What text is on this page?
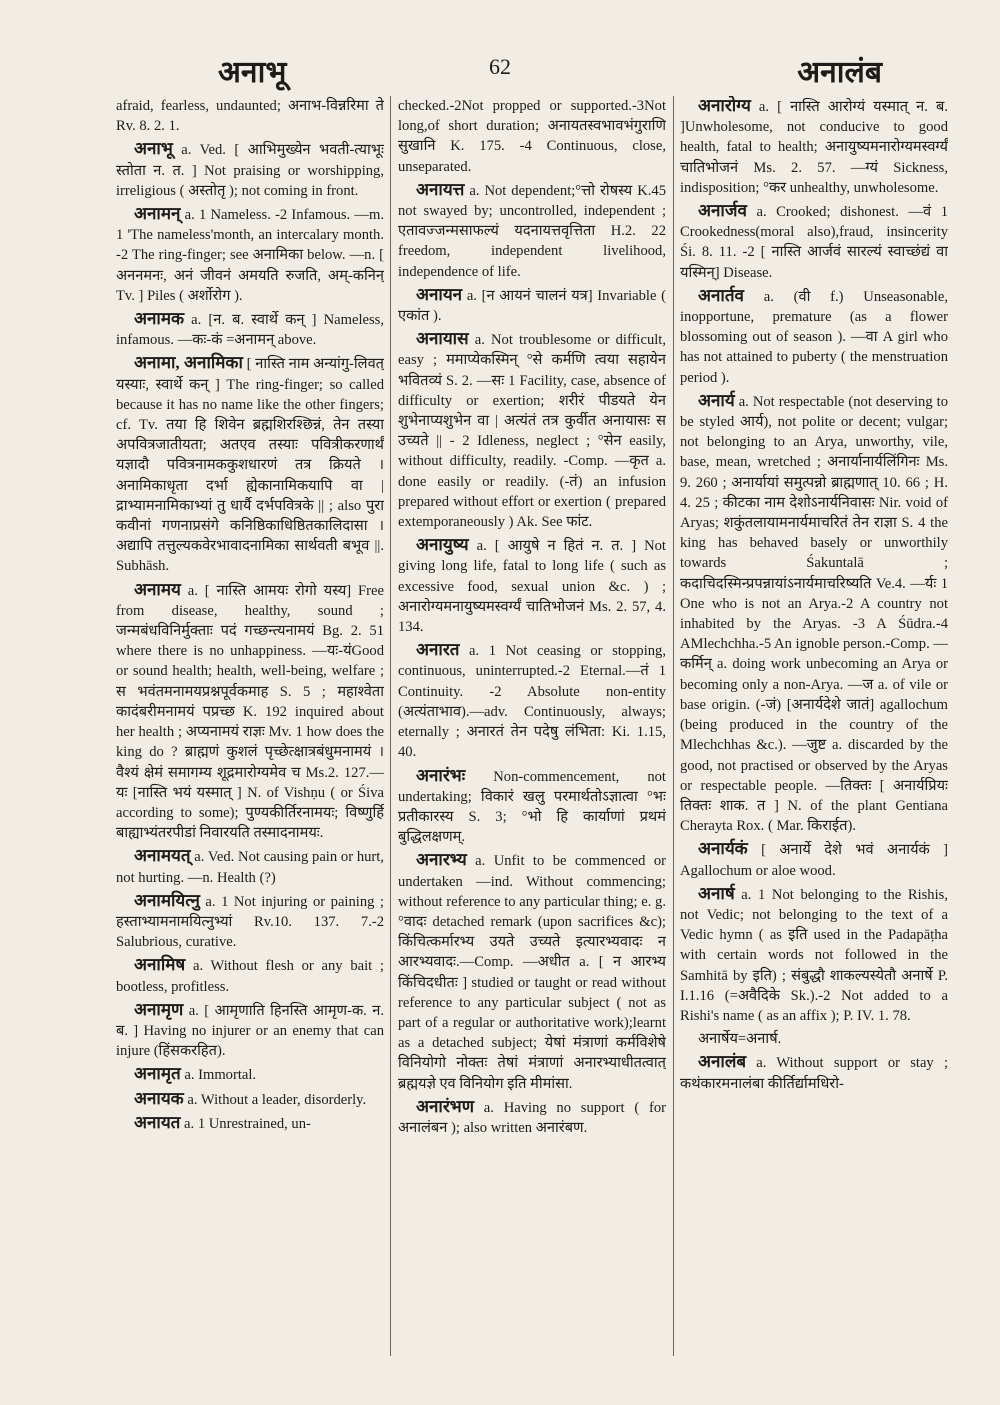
अनाभू	62	अनालंब
afraid, fearless, undaunted; अनाभ-विन्नरिमा ते Rv. 8. 2. 1.
अनाभू a. Ved. [ आभिमुख्येन भवती-त्याभूः स्तोता न. त. ] Not praising or worshipping, irreligious ( अस्तोतृ ); not coming in front.
अनामन् a. 1 Nameless. -2 Infamous. —m. 1 'The nameless'month, an intercalary month. -2 The ring-finger; see अनामिका below. —n. [ अननमनः, अनं जीवनं अमयति रुजति, अम्-कनिन् Tv. ] Piles ( अर्शोरोग ).
अनामक a. [न. ब. स्वार्थे कन् ] Nameless, infamous. —कः-कं =अनामन् above.
अनामा, अनामिका [ नास्ति नाम अन्यांगु-लिवत् यस्याः, स्वार्थे कन् ] The ring-finger; so called because it has no name like the other fingers; cf. Tv. तया हि शिवेन ब्रह्मशिरश्छिन्नं, तेन तस्या अपवित्रजातीयता; अतएव तस्याः पवित्रीकरणार्थं यज्ञादौ पवित्रनामककुशधारणं तत्र क्रियते । अनामिकाधृता दर्भा ह्येकानामिकयापि वा | द्राभ्यामनामिकाभ्यां तु धार्यै दर्भपवित्रके || ; also पुरा कवीनां गणनाप्रसंगे कनिष्ठिकाधिष्ठितकालिदासा । अद्यापि तत्तुल्यकवेरभावादनामिका सार्थवती बभूव ||. Subhāsh.
अनामय a. [ नास्ति आमयः रोगो यस्य] Free from disease, healthy, sound ; जन्मबंधविनिर्मुक्ताः पदं गच्छन्त्यनामयं Bg. 2. 51 where there is no unhappiness. —यः-यंGood or sound health; health, well-being, welfare ; स भवंतमनामयप्रश्नपूर्वकमाह S. 5 ; महाश्वेता कादंबरीमनामयं पप्रच्छ K. 192 inquired about her health ; अप्यनामयं राज्ञः Mv. 1 how does the king do ? ब्राह्मणं कुशलं पृच्छेत्क्षात्रबंधुमनामयं । वैश्यं क्षेमं समागम्य शूद्रमारोग्यमेव च Ms.2. 127.—यः [नास्ति भयं यस्मात् ] N. of Vishṇu ( or Śiva according to some); पुण्यकीर्तिरनामयः; विष्णुर्हि बाह्याभ्यंतरपीडां निवारयति तस्मादनामयः.
अनामयत् a. Ved. Not causing pain or hurt, not hurting. —n. Health (?)
अनामयित्नु a. 1 Not injuring or paining ; हस्ताभ्यामनामयित्नुभ्यां Rv.10. 137. 7.-2 Salubrious, curative.
अनामिष a. Without flesh or any bait ; bootless, profitless.
अनामृण a. [ आमृणाति हिनस्ति आमृण-क. न. ब. ] Having no injurer or an enemy that can injure (हिंसकरहित).
अनामृत a. Immortal.
अनायक a. Without a leader, disorderly.
अनायत a. 1 Unrestrained, un-
checked.-2Not propped or supported.-3Not long,of short duration; अनायतस्वभावभंगुराणि सुखानि K. 175. -4 Continuous, close, unseparated.
अनायत्त a. Not dependent;°त्तो रोषस्य K.45 not swayed by; uncontrolled, independent ; एतावज्जन्मसाफल्यं यदनायत्तवृत्तिता H.2. 22 freedom, independent livelihood, independence of life.
अनायन a. [न आयनं चालनं यत्र] Invariable ( एकांत ).
अनायास a. Not troublesome or difficult, easy ; ममाप्येकस्मिन् °से कर्मणि त्वया सहायेन भवितव्यं S. 2. —सः 1 Facility, case, absence of difficulty or exertion; शरीरं पीडयते येन शुभेनाप्यशुभेन वा | अत्यंतं तत्र कुर्वीत अनायासः स उच्यते || - 2 Idleness, neglect ; °सेन easily, without difficulty, readily. -Comp. —कृत a. done easily or readily. (-तं) an infusion prepared without effort or exertion ( prepared extemporaneously ) Ak. See फांट.
अनायुष्य a. [ आयुषे न हितं न. त. ] Not giving long life, fatal to long life ( such as excessive food, sexual union &c. ) ; अनारोग्यमनायुष्यमस्वर्ग्यं चातिभोजनं Ms. 2. 57, 4. 134.
अनारत a. 1 Not ceasing or stopping, continuous, uninterrupted.-2 Eternal.—तं 1 Continuity. -2 Absolute non-entity (अत्यंताभाव).—adv. Continuously, always; eternally ; अनारतं तेन पदेषु लंभिता: Ki. 1.15, 40.
अनारंभः Non-commencement, not undertaking; विकारं खलु परमार्थतोऽज्ञात्वा °भः प्रतीकारस्य S. 3; °भो हि कार्याणां प्रथमं बुद्धिलक्षणम्.
अनारभ्य a. Unfit to be commenced or undertaken —ind. Without commencing; without reference to any particular thing; e. g. °वादः detached remark (upon sacrifices &c); किंचित्कर्मारभ्य उयते उच्यते इत्यारभ्यवादः न आरभ्यवादः.—Comp. —अधीत a. [ न आरभ्य किंचिदधीतः ] studied or taught or read without reference to any particular subject ( not as part of a regular or authoritative work);learnt as a detached subject; येषां मंत्राणां कर्मविशेषे विनियोगो नोक्तः तेषां मंत्राणां अनारभ्याधीतत्वात् ब्रह्मयज्ञे एव विनियोग इति मीमांसा.
अनारंभण a. Having no support ( for अनालंबन ); also written अनारंबण.
अनारोग्य a. [ नास्ति आरोग्यं यस्मात् न. ब. ]Unwholesome, not conducive to good health, fatal to health; अनायुष्यमनारोग्यमस्वर्ग्यं चातिभोजनं Ms. 2. 57. —ग्यं Sickness, indisposition; °कर unhealthy, unwholesome.
अनार्जव a. Crooked; dishonest. —वं 1 Crookedness(moral also),fraud, insincerity Śi. 8. 11. -2 [ नास्ति आर्जवं सारल्यं स्वाच्छंद्यं वा यस्मिन्] Disease.
अनार्तव a. (वी f.) Unseasonable, inopportune, premature (as a flower blossoming out of season ). —वा A girl who has not attained to puberty ( the menstruation period ).
अनार्य a. Not respectable (not deserving to be styled आर्य), not polite or decent; vulgar; not belonging to an Arya, unworthy, vile, base, mean, wretched ; अनार्यानार्यलिंगिनः Ms. 9. 260 ; अनार्यायां समुत्पन्नो ब्राह्मणात् 10. 66 ; H. 4. 25 ; कीटका नाम देशोऽनार्यनिवासः Nir. void of Aryas; शकुंतलायामनार्यमाचरितं तेन राज्ञा S. 4 the king has behaved basely or unworthily towards Śakuntalā ; कदाचिदस्मिन्प्रपन्नायांऽनार्यमाचरिष्यति Ve.4. —र्यः 1 One who is not an Arya.-2 A country not inhabited by the Aryas. -3 A Śūdra.-4 AMlechchha.-5 An ignoble person.-Comp. —कर्मिन् a. doing work unbecoming an Arya or becoming only a non-Arya. —ज a. of vile or base origin. (-जं) [अनार्यदेशे जातं] agallochum (being produced in the country of the Mlechchhas &c.). —जुष्ट a. discarded by the good, not practised or observed by the Aryas or respectable people. —तिक्तः [ अनार्यप्रियः तिक्तः शाक. त ] N. of the plant Gentiana Cherayta Rox. ( Mar. किराईत).
अनार्यकं [ अनार्ये देशे भवं अनार्यकं ] Agallochum or aloe wood.
अनार्ष a. 1 Not belonging to the Rishis, not Vedic; not belonging to the text of a Vedic hymn ( as इति used in the Padapāṭha with certain words not followed in the Samhitā by इति) ; संबुद्धौ शाकल्यस्येतौ अनार्षे P. I.1.16 (=अवैदिके Sk.).-2 Not added to a Rishi's name ( as an affix ); P. IV. 1. 78.
अनार्षेय=अनार्ष.
अनालंब a. Without support or stay ; कथंकारमनालंबा कीर्तिर्द्यामधिरो-
